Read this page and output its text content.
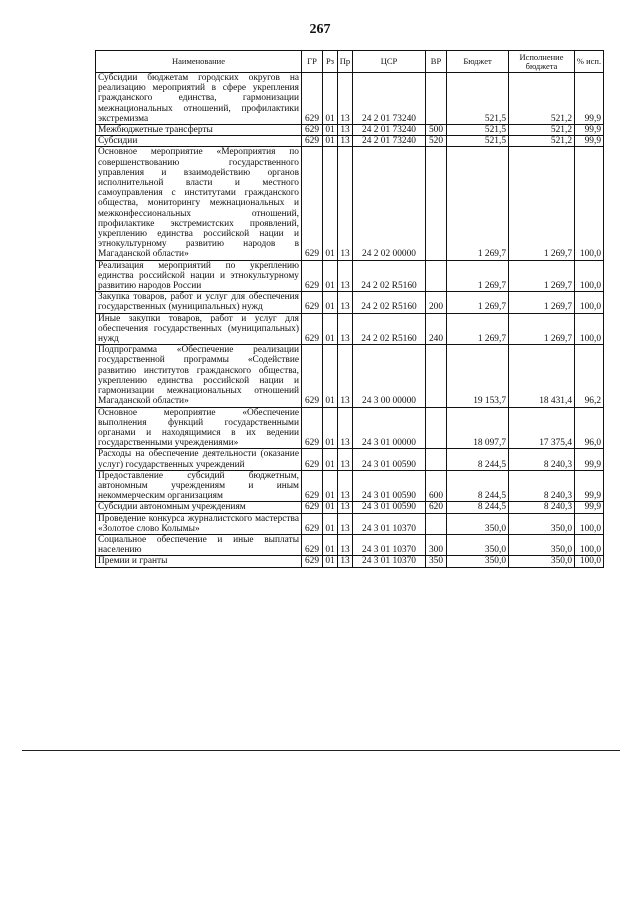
267
Наименование	ГР	Рз	Пр	ЦСР	ВР	Бюджет	Исполнение бюджета	% исп.
Субсидии бюджетам городских округов на реализацию мероприятий в сфере укрепления гражданского единства, гармонизации межнациональных отношений, профилактики экстремизма	629	01	13	24 2 01 73240		521,5	521,2	99,9
Межбюджетные трансферты	629	01	13	24 2 01 73240	500	521,5	521,2	99,9
Субсидии	629	01	13	24 2 01 73240	520	521,5	521,2	99,9
Основное мероприятие «Мероприятия по совершенствованию государственного управления и взаимодействию органов исполнительной власти и местного самоуправления с институтами гражданского общества, мониторингу межнациональных и межконфессиональных отношений, профилактике экстремистских проявлений, укреплению единства российской нации и этнокультурному развитию народов в Магаданской области»	629	01	13	24 2 02 00000		1 269,7	1 269,7	100,0
Реализация мероприятий по укреплению единства российской нации и этнокультурному развитию народов России	629	01	13	24 2 02 R5160		1 269,7	1 269,7	100,0
Закупка товаров, работ и услуг для обеспечения государственных (муниципальных) нужд	629	01	13	24 2 02 R5160	200	1 269,7	1 269,7	100,0
Иные закупки товаров, работ и услуг для обеспечения государственных (муниципальных) нужд	629	01	13	24 2 02 R5160	240	1 269,7	1 269,7	100,0
Подпрограмма «Обеспечение реализации государственной программы «Содействие развитию институтов гражданского общества, укреплению единства российской нации и гармонизации межнациональных отношений Магаданской области»	629	01	13	24 3 00 00000		19 153,7	18 431,4	96,2
Основное мероприятие «Обеспечение выполнения функций государственными органами и находящимися в их ведении государственными учреждениями»	629	01	13	24 3 01 00000		18 097,7	17 375,4	96,0
Расходы на обеспечение деятельности (оказание услуг) государственных учреждений	629	01	13	24 3 01 00590		8 244,5	8 240,3	99,9
Предоставление субсидий бюджетным, автономным учреждениям и иным некоммерческим организациям	629	01	13	24 3 01 00590	600	8 244,5	8 240,3	99,9
Субсидии автономным учреждениям	629	01	13	24 3 01 00590	620	8 244,5	8 240,3	99,9
Проведение конкурса журналистского мастерства «Золотое слово Колымы»	629	01	13	24 3 01 10370		350,0	350,0	100,0
Социальное обеспечение и иные выплаты населению	629	01	13	24 3 01 10370	300	350,0	350,0	100,0
Премии и гранты	629	01	13	24 3 01 10370	350	350,0	350,0	100,0
